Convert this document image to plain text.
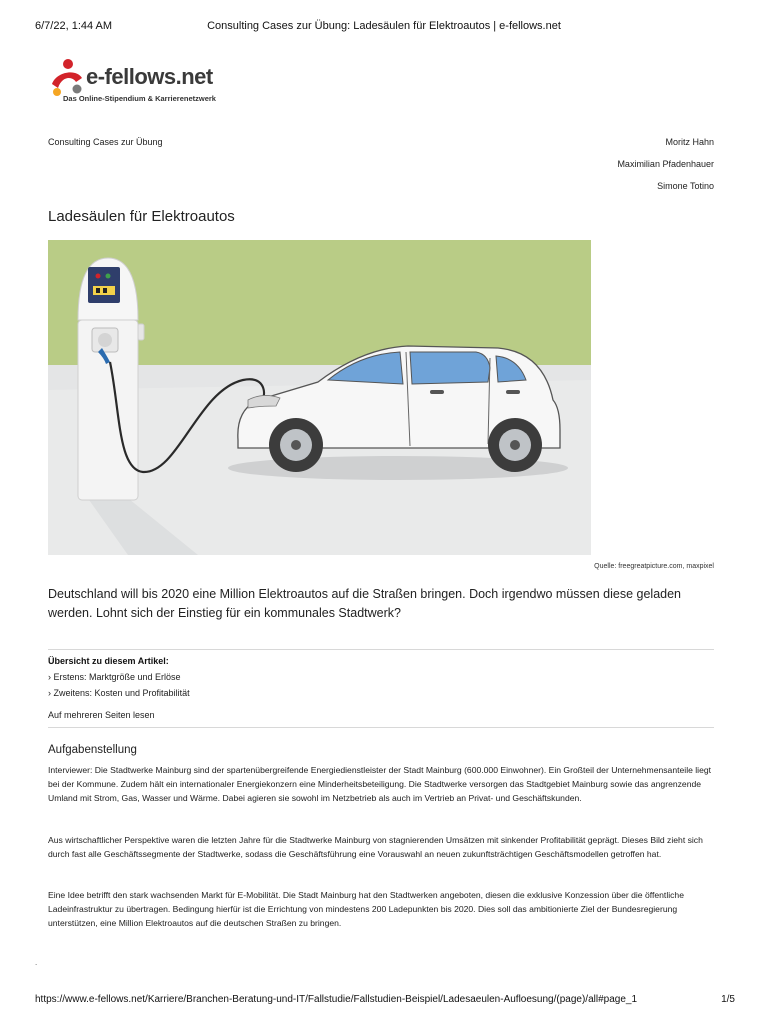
6/7/22, 1:44 AM	Consulting Cases zur Übung: Ladesäulen für Elektroautos | e-fellows.net
e-fellows.net
Das Online-Stipendium & Karrierenetzwerk
Consulting Cases zur Übung	Moritz Hahn
Maximilian Pfadenhauer
Simone Totino
Ladesäulen für Elektroautos
Quelle: freegreatpicture.com, maxpixel
Deutschland will bis 2020 eine Million Elektroautos auf die Straßen bringen. Doch irgendwo müssen diese geladen werden. Lohnt sich der Einstieg für ein kommunales Stadtwerk?
Übersicht zu diesem Artikel:
› Erstens: Marktgröße und Erlöse
› Zweitens: Kosten und Profitabilität
Auf mehreren Seiten lesen
Aufgabenstellung
Interviewer: Die Stadtwerke Mainburg sind der spartenübergreifende Energiedienstleister der Stadt Mainburg (600.000 Einwohner). Ein Großteil der Unternehmensanteile liegt bei der Kommune. Zudem hält ein internationaler Energiekonzern eine Minderheitsbeteiligung. Die Stadtwerke versorgen das Stadtgebiet Mainburg sowie das angrenzende Umland mit Strom, Gas, Wasser und Wärme. Dabei agieren sie sowohl im Netzbetrieb als auch im Vertrieb an Privat- und Geschäftskunden.
Aus wirtschaftlicher Perspektive waren die letzten Jahre für die Stadtwerke Mainburg von stagnierenden Umsätzen mit sinkender Profitabilität geprägt. Dieses Bild zieht sich durch fast alle Geschäftssegmente der Stadtwerke, sodass die Geschäftsführung eine Vorauswahl an neuen zukunftsträchtigen Geschäftsmodellen getroffen hat.
Eine Idee betrifft den stark wachsenden Markt für E-Mobilität. Die Stadt Mainburg hat den Stadtwerken angeboten, diesen die exklusive Konzession über die öffentliche Ladeinfrastruktur zu übertragen. Bedingung hierfür ist die Errichtung von mindestens 200 Ladepunkten bis 2020. Dies soll das ambitionierte Ziel der Bundesregierung unterstützen, eine Million Elektroautos auf die deutschen Straßen zu bringen.
.
https://www.e-fellows.net/Karriere/Branchen-Beratung-und-IT/Fallstudie/Fallstudien-Beispiel/Ladesaeulen-Aufloesung/(page)/all#page_1	1/5
